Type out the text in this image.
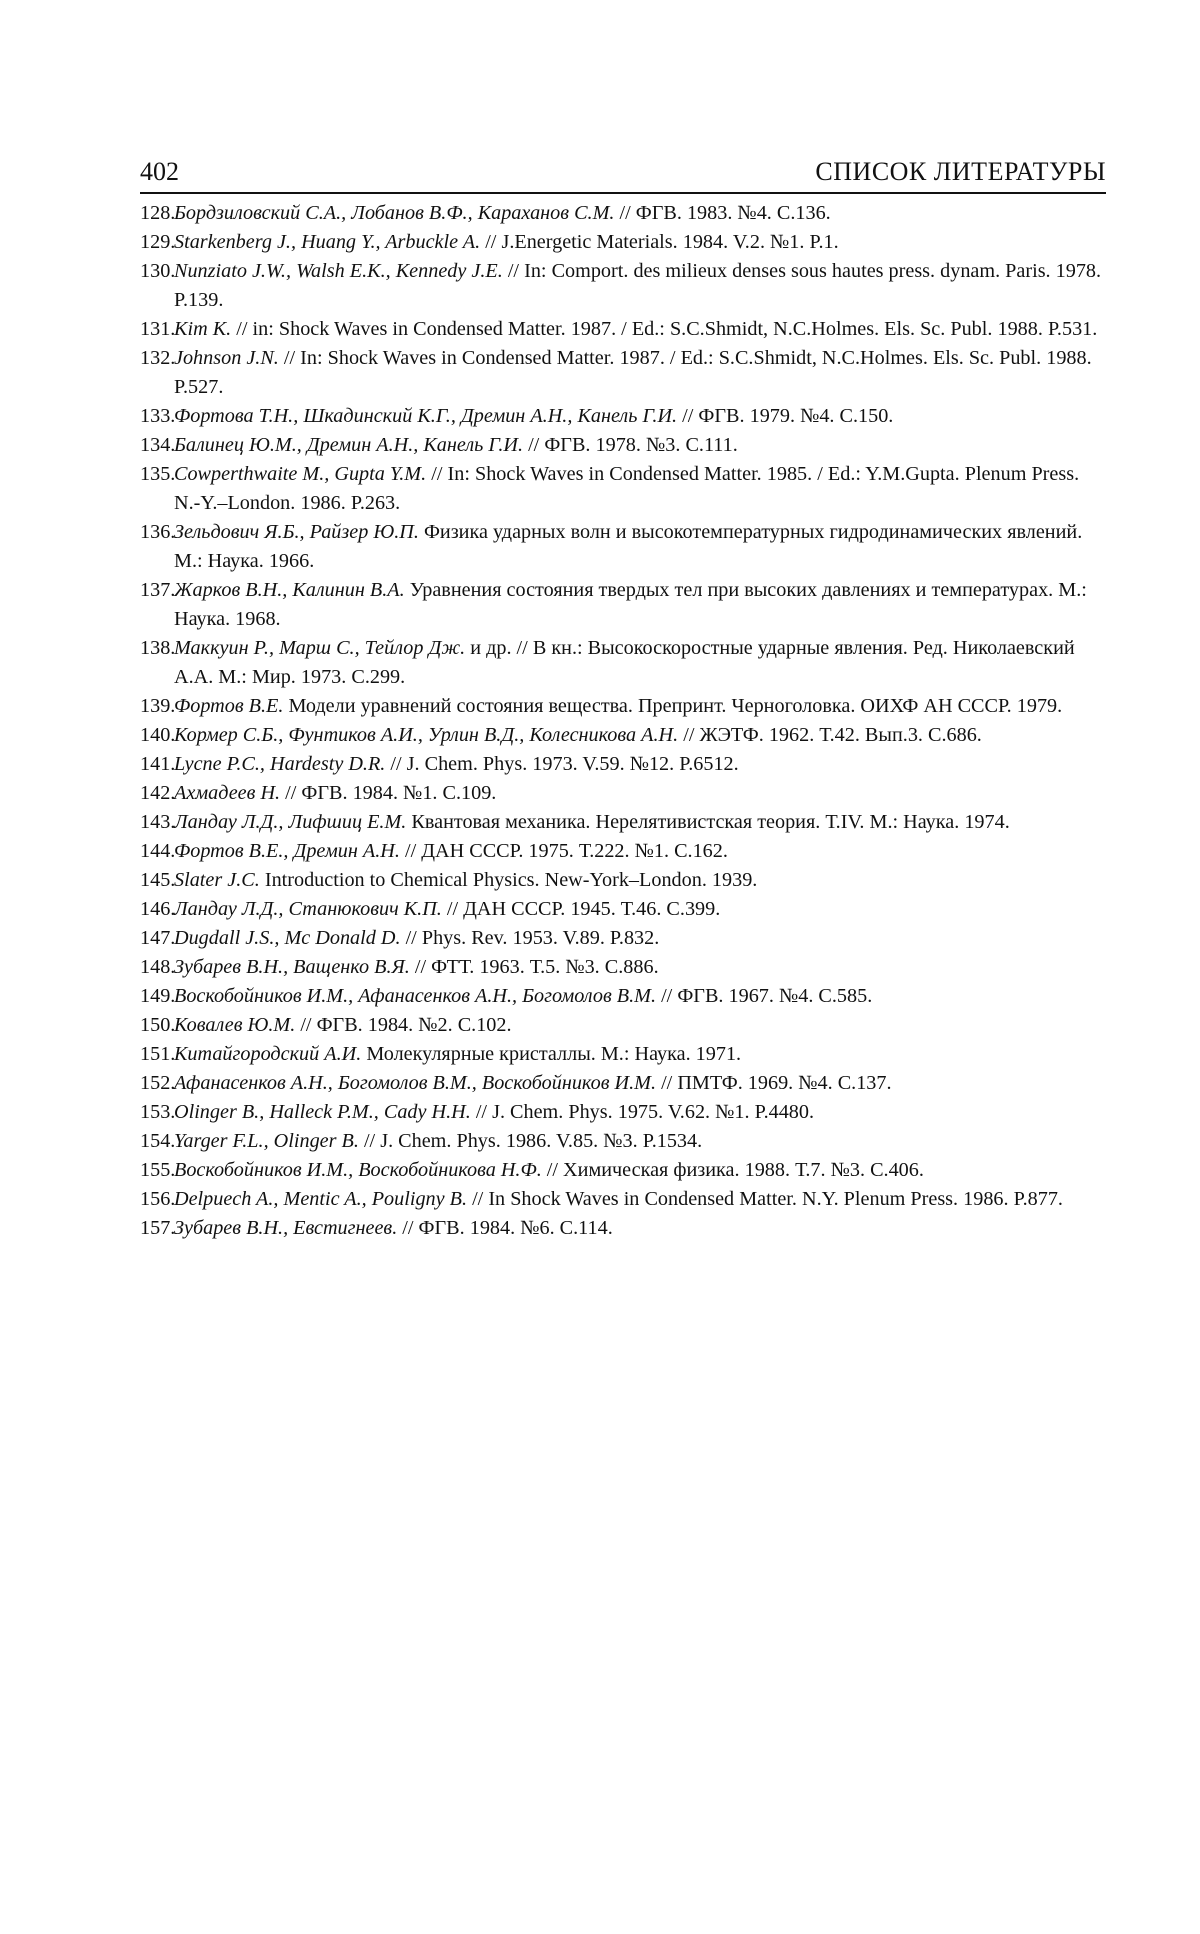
402	СПИСОК ЛИТЕРАТУРЫ
128.Бордзиловский С.А., Лобанов В.Ф., Караханов С.М. // ФГВ. 1983. №4. С.136.
129.Starkenberg J., Huang Y., Arbuckle A. // J.Energetic Materials. 1984. V.2. №1. P.1.
130.Nunziato J.W., Walsh E.K., Kennedy J.E. // In: Comport. des milieux denses sous hautes press. dynam. Paris. 1978. P.139.
131.Kim K. // in: Shock Waves in Condensed Matter. 1987. / Ed.: S.C.Shmidt, N.C.Holmes. Els. Sc. Publ. 1988. P.531.
132.Johnson J.N. // In: Shock Waves in Condensed Matter. 1987. / Ed.: S.C.Shmidt, N.C.Holmes. Els. Sc. Publ. 1988. P.527.
133.Фортова Т.Н., Шкадинский К.Г., Дремин А.Н., Канель Г.И. // ФГВ. 1979. №4. С.150.
134.Балинец Ю.М., Дремин А.Н., Канель Г.И. // ФГВ. 1978. №3. С.111.
135.Cowperthwaite M., Gupta Y.M. // In: Shock Waves in Condensed Matter. 1985. / Ed.: Y.M.Gupta. Plenum Press. N.-Y.–London. 1986. P.263.
136.Зельдович Я.Б., Райзер Ю.П. Физика ударных волн и высокотемпературных гидродинамических явлений. М.: Наука. 1966.
137.Жарков В.Н., Калинин В.А. Уравнения состояния твердых тел при высоких давлениях и температурах. М.: Наука. 1968.
138.Маккуин Р., Марш С., Тейлор Дж. и др. // В кн.: Высокоскоростные ударные явления. Ред. Николаевский А.А. М.: Мир. 1973. С.299.
139.Фортов В.Е. Модели уравнений состояния вещества. Препринт. Черноголовка. ОИХФ АН СССР. 1979.
140.Кормер С.Б., Фунтиков А.И., Урлин В.Д., Колесникова А.Н. // ЖЭТФ. 1962. Т.42. Вып.3. С.686.
141.Lycne P.C., Hardesty D.R. // J. Chem. Phys. 1973. V.59. №12. P.6512.
142.Ахмадеев Н. // ФГВ. 1984. №1. С.109.
143.Ландау Л.Д., Лифшиц Е.М. Квантовая механика. Нерелятивистская теория. Т.IV. М.: Наука. 1974.
144.Фортов В.Е., Дремин А.Н. // ДАН СССР. 1975. Т.222. №1. С.162.
145.Slater J.C. Introduction to Chemical Physics. New-York–London. 1939.
146.Ландау Л.Д., Станюкович К.П. // ДАН СССР. 1945. Т.46. С.399.
147.Dugdall J.S., Mc Donald D. // Phys. Rev. 1953. V.89. P.832.
148.Зубарев В.Н., Ващенко В.Я. // ФТТ. 1963. Т.5. №3. С.886.
149.Воскобойников И.М., Афанасенков А.Н., Богомолов В.М. // ФГВ. 1967. №4. С.585.
150.Ковалев Ю.М. // ФГВ. 1984. №2. С.102.
151.Китайгородский А.И. Молекулярные кристаллы. М.: Наука. 1971.
152.Афанасенков А.Н., Богомолов В.М., Воскобойников И.М. // ПМТФ. 1969. №4. С.137.
153.Olinger B., Halleck P.M., Cady H.H. // J. Chem. Phys. 1975. V.62. №1. P.4480.
154.Yarger F.L., Olinger B. // J. Chem. Phys. 1986. V.85. №3. P.1534.
155.Воскобойников И.М., Воскобойникова Н.Ф. // Химическая физика. 1988. Т.7. №3. С.406.
156.Delpuech A., Mentic A., Pouligny B. // In Shock Waves in Condensed Matter. N.Y. Plenum Press. 1986. P.877.
157.Зубарев В.Н., Евстигнеев. // ФГВ. 1984. №6. С.114.
